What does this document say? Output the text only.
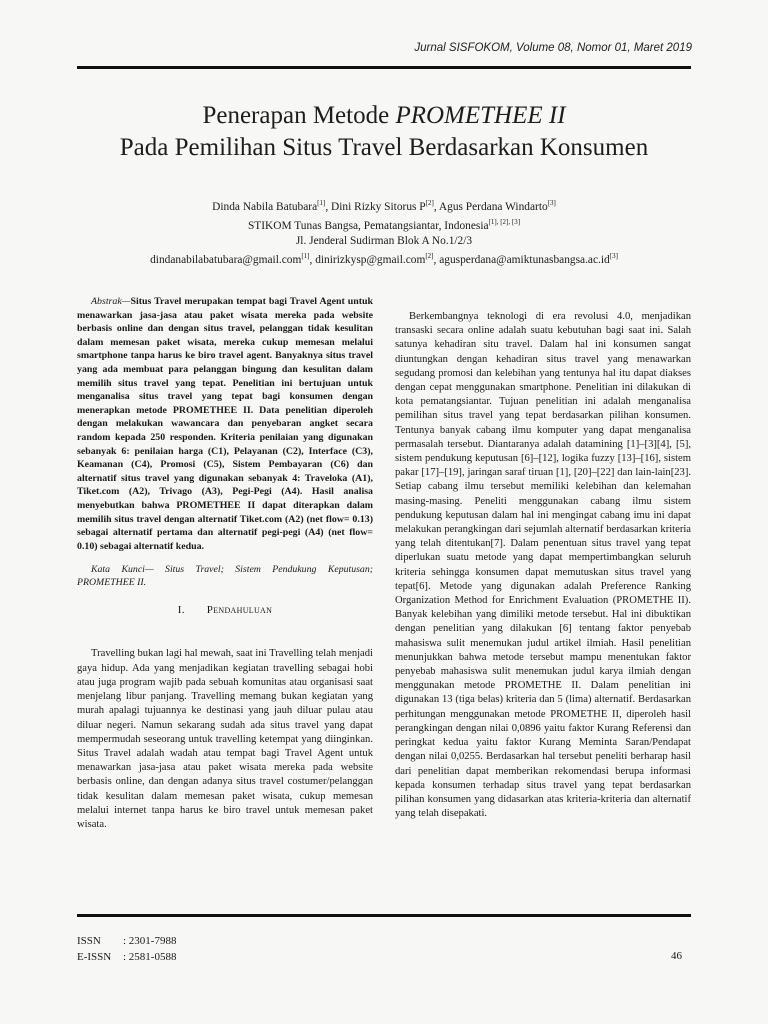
Jurnal SISFOKOM, Volume 08, Nomor 01, Maret 2019
Penerapan Metode PROMETHEE II
Pada Pemilihan Situs Travel Berdasarkan Konsumen
Dinda Nabila Batubara[1], Dini Rizky Sitorus P[2], Agus Perdana Windarto[3]
STIKOM Tunas Bangsa, Pematangsiantar, Indonesia[1], [2], [3]
Jl. Jenderal Sudirman Blok A No.1/2/3
dindanabilabatubara@gmail.com[1], dinirizkysp@gmail.com[2], agusperdana@amiktunasbangsa.ac.id[3]

Abstrak—Situs Travel merupakan tempat bagi Travel Agent untuk menawarkan jasa-jasa atau paket wisata mereka pada website berbasis online dan dengan situs travel, pelanggan tidak kesulitan dalam memesan paket wisata, mereka cukup memesan melalui smartphone tanpa harus ke biro travel agent. Banyaknya situs travel yang ada membuat para pelanggan bingung dan kesulitan dalam memilih situs travel yang tepat. Penelitian ini bertujuan untuk menganalisa situs travel yang tepat bagi konsumen dengan menerapkan metode PROMETHEE II. Data penelitian diperoleh dengan melakukan wawancara dan penyebaran angket secara random kepada 250 responden. Kriteria penilaian yang digunakan sebanyak 6: penilaian harga (C1), Pelayanan (C2), Interface (C3), Keamanan (C4), Promosi (C5), Sistem Pembayaran (C6) dan alternatif situs travel yang digunakan sebanyak 4: Traveloka (A1), Tiket.com (A2), Trivago (A3), Pegi-Pegi (A4). Hasil analisa menyebutkan bahwa PROMETHEE II dapat diterapkan dalam memilih situs travel dengan alternatif Tiket.com (A2) (net flow= 0.13) sebagai alternatif pertama dan alternatif pegi-pegi (A4) (net flow= 0.10) sebagai alternatif kedua.

Kata Kunci— Situs Travel; Sistem Pendukung Keputusan; PROMETHEE II.

I. Pendahuluan

Travelling bukan lagi hal mewah, saat ini Travelling telah menjadi gaya hidup. Ada yang menjadikan kegiatan travelling sebagai hobi atau juga program wajib pada sebuah komunitas atau organisasi saat menjelang libur panjang. Travelling memang bukan kegiatan yang murah apalagi tujuannya ke destinasi yang jauh diluar pulau atau diluar negeri. Namun sekarang sudah ada situs travel yang dapat mempermudah seseorang untuk travelling ketempat yang diinginkan. Situs Travel adalah wadah atau tempat bagi Travel Agent untuk menawarkan jasa-jasa atau paket wisata mereka pada website berbasis online, dan dengan adanya situs travel costumer/pelanggan tidak kesulitan dalam memesan paket wisata, cukup memesan melalui internet tanpa harus ke biro travel untuk memesan paket wisata.

Berkembangnya teknologi di era revolusi 4.0, menjadikan transaski secara online adalah suatu kebutuhan bagi saat ini. Salah satunya kehadiran situ travel. Dalam hal ini konsumen sangat diuntungkan dengan kehadiran situs travel yang menawarkan segudang promosi dan kelebihan yang tentunya hal itu dapat diakses dengan cepat menggunakan smartphone. Penelitian ini dilakukan di kota pematangsiantar. Tujuan penelitian ini adalah menganalisa pemilihan situs travel yang tepat berdasarkan pilihan konsumen. Tentunya banyak cabang ilmu komputer yang dapat menganalisa permasalah tersebut. Diantaranya adalah datamining [1]–[3][4], [5], sistem pendukung keputusan [6]–[12], logika fuzzy [13]–[16], sistem pakar [17]–[19], jaringan saraf tiruan [1], [20]–[22] dan lain-lain[23]. Setiap cabang ilmu tersebut memiliki kelebihan dan kelemahan masing-masing. Peneliti menggunakan cabang ilmu sistem pendukung keputusan dalam hal ini mengingat cabang imu ini dapat melakukan perangkingan dari sejumlah alternatif berdasarkan kriteria yang telah ditentukan[7]. Dalam penentuan situs travel yang tepat diperlukan suatu metode yang dapat mempertimbangkan seluruh kriteria sehingga konsumen dapat memutuskan situs travel yang tepat[6]. Metode yang digunakan adalah Preference Ranking Organization Method for Enrichment Evaluation (PROMETHE II). Banyak kelebihan yang dimiliki metode tersebut. Hal ini dibuktikan dengan penelitian yang dilakukan [6] tentang faktor penyebab mahasiswa sulit menemukan judul artikel ilmiah. Hasil penelitian menunjukkan bahwa metode tersebut mampu menentukan faktor penyebab mahasiswa sulit menemukan judul karya ilmiah dengan menggunakan metode PROMETHE II. Dalam penelitian ini digunakan 13 (tiga belas) kriteria dan 5 (lima) alternatif. Berdasarkan perhitungan menggunakan metode PROMETHE II, diperoleh hasil perangkingan dengan nilai 0,0896 yaitu faktor Kurang Referensi dan peringkat kedua yaitu faktor Kurang Meminta Saran/Pendapat dengan nilai 0,0255. Berdasarkan hal tersebut peneliti berharap hasil dari penelitian dapat memberikan rekomendasi berupa informasi kepada konsumen terhadap situs travel yang tepat berdasarkan pilihan konsumen yang didasarkan atas kriteria-kriteria dan alternatif yang telah disepakati.

ISSN : 2301-7988
E-ISSN : 2581-0588	46
